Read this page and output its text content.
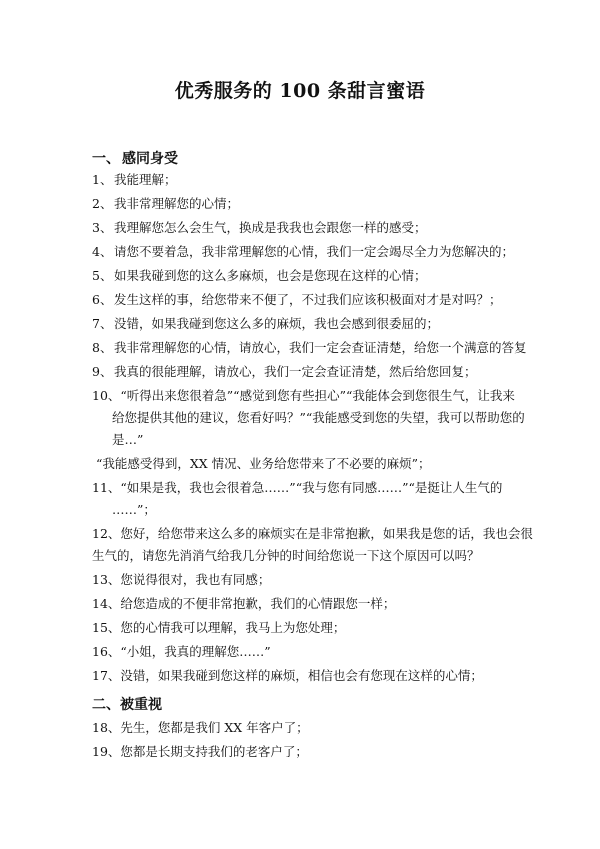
优秀服务的 100 条甜言蜜语
一、 感同身受
1、 我能理解；
2、 我非常理解您的心情；
3、 我理解您怎么会生气，换成是我我也会跟您一样的感受；
4、 请您不要着急，我非常理解您的心情，我们一定会竭尽全力为您解决的；
5、 如果我碰到您的这么多麻烦，也会是您现在这样的心情；
6、 发生这样的事，给您带来不便了，不过我们应该积极面对才是对吗？；
7、 没错，如果我碰到您这么多的麻烦，我也会感到很委屈的；
8、 我非常理解您的心情，请放心，我们一定会查证清楚，给您一个满意的答复
9、 我真的很能理解，请放心，我们一定会查证清楚，然后给您回复；
10、“听得出来您很着急”“感觉到您有些担心”“我能体会到您很生气，让我来
给您提供其他的建议，您看好吗？”“我能感受到您的失望，我可以帮助您的
是…”
“我能感受得到，XX 情况、业务给您带来了不必要的麻烦”；
11、“如果是我，我也会很着急……”“我与您有同感……”“是挺让人生气的
……”；
12、您好，给您带来这么多的麻烦实在是非常抱歉，如果我是您的话，我也会很
生气的，请您先消消气给我几分钟的时间给您说一下这个原因可以吗？
13、您说得很对，我也有同感；
14、给您造成的不便非常抱歉，我们的心情跟您一样；
15、您的心情我可以理解，我马上为您处理；
16、“小姐，我真的理解您……”
17、没错，如果我碰到您这样的麻烦，相信也会有您现在这样的心情；
二、被重视
18、先生，您都是我们 XX 年客户了；
19、您都是长期支持我们的老客户了；
